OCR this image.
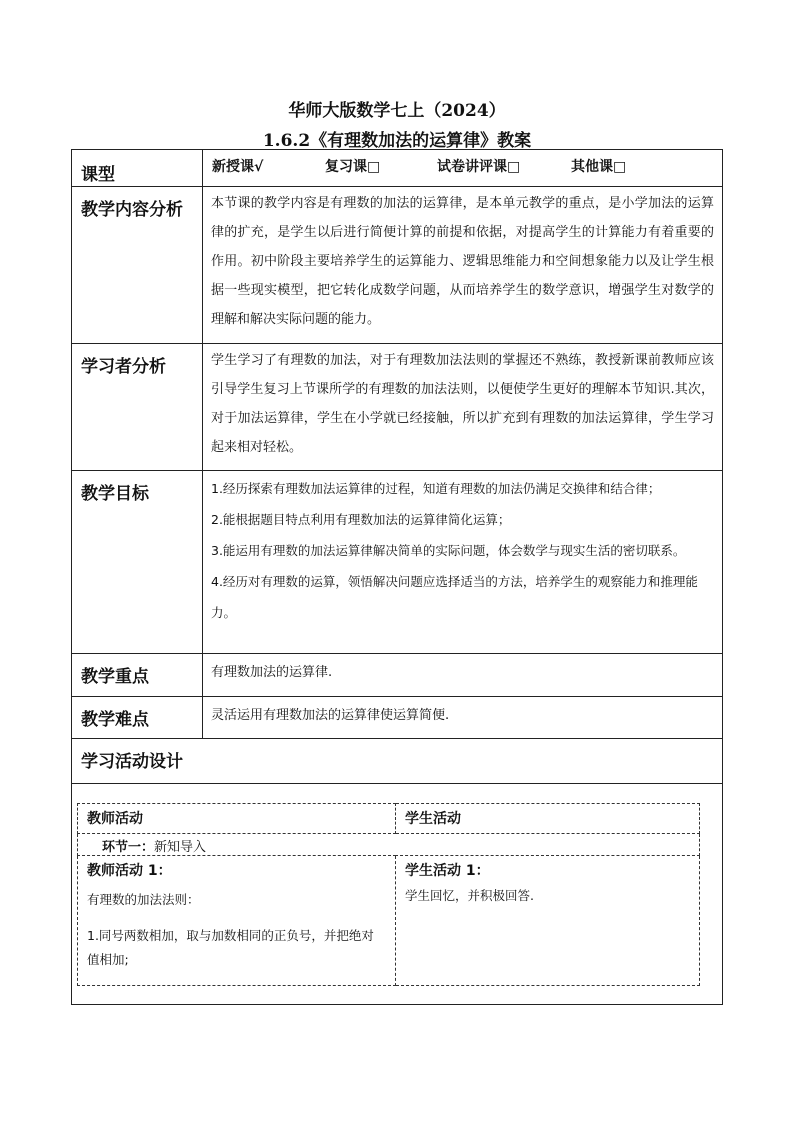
华师大版数学七上（2024）
1.6.2《有理数加法的运算律》教案
课型	新授课√	复习课□	试卷讲评课□	其他课□

教学内容分析	本节课的教学内容是有理数的加法的运算律，是本单元教学的重点，是小学加法的运算律的扩充，是学生以后进行简便计算的前提和依据，对提高学生的计算能力有着重要的作用。初中阶段主要培养学生的运算能力、逻辑思维能力和空间想象能力以及让学生根据一些现实模型，把它转化成数学问题，从而培养学生的数学意识，增强学生对数学的理解和解决实际问题的能力。

学习者分析	学生学习了有理数的加法，对于有理数加法法则的掌握还不熟练，教授新课前教师应该引导学生复习上节课所学的有理数的加法法则，以便使学生更好的理解本节知识.其次，对于加法运算律，学生在小学就已经接触，所以扩充到有理数的加法运算律，学生学习起来相对轻松。

教学目标	1.经历探索有理数加法运算律的过程，知道有理数的加法仍满足交换律和结合律；

2.能根据题目特点利用有理数加法的运算律简化运算；

3.能运用有理数的加法运算律解决简单的实际问题，体会数学与现实生活的密切联系。

4.经历对有理数的运算，领悟解决问题应选择适当的方法，培养学生的观察能力和推理能力。

教学重点	有理数加法的运算律.
教学难点	灵活运用有理数加法的运算律使运算简便.
学习活动设计

教师活动	学生活动
环节一：新知导入

教师活动 1：

有理数的加法法则：

1.同号两数相加，取与加数相同的正负号，并把绝对值相加;

学生活动 1：

学生回忆，并积极回答.
